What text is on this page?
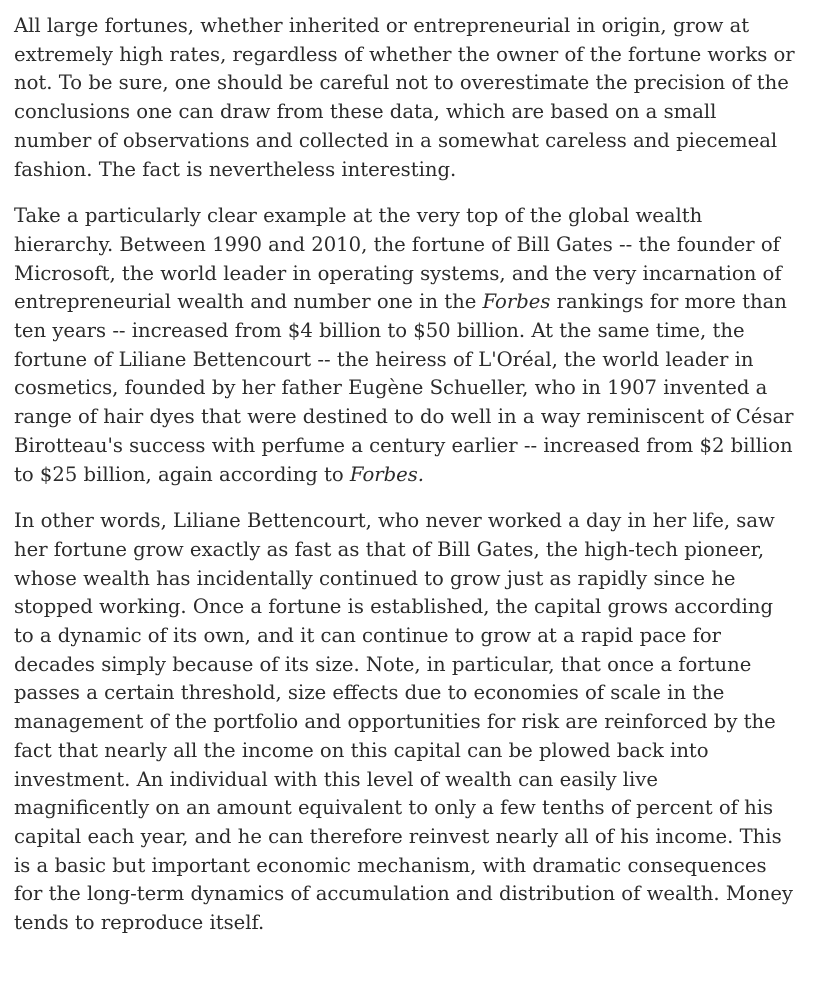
All large fortunes, whether inherited or entrepreneurial in origin, grow at extremely high rates, regardless of whether the owner of the fortune works or not. To be sure, one should be careful not to overestimate the precision of the conclusions one can draw from these data, which are based on a small number of observations and collected in a somewhat careless and piecemeal fashion. The fact is nevertheless interesting.

Take a particularly clear example at the very top of the global wealth hierarchy. Between 1990 and 2010, the fortune of Bill Gates -- the founder of Microsoft, the world leader in operating systems, and the very incarnation of entrepreneurial wealth and number one in the Forbes rankings for more than ten years -- increased from $4 billion to $50 billion. At the same time, the fortune of Liliane Bettencourt -- the heiress of L'Oréal, the world leader in cosmetics, founded by her father Eugène Schueller, who in 1907 invented a range of hair dyes that were destined to do well in a way reminiscent of César Birotteau's success with perfume a century earlier -- increased from $2 billion to $25 billion, again according to Forbes.

In other words, Liliane Bettencourt, who never worked a day in her life, saw her fortune grow exactly as fast as that of Bill Gates, the high-tech pioneer, whose wealth has incidentally continued to grow just as rapidly since he stopped working. Once a fortune is established, the capital grows according to a dynamic of its own, and it can continue to grow at a rapid pace for decades simply because of its size. Note, in particular, that once a fortune passes a certain threshold, size effects due to economies of scale in the management of the portfolio and opportunities for risk are reinforced by the fact that nearly all the income on this capital can be plowed back into investment. An individual with this level of wealth can easily live magnificently on an amount equivalent to only a few tenths of percent of his capital each year, and he can therefore reinvest nearly all of his income. This is a basic but important economic mechanism, with dramatic consequences for the long-term dynamics of accumulation and distribution of wealth. Money tends to reproduce itself.
